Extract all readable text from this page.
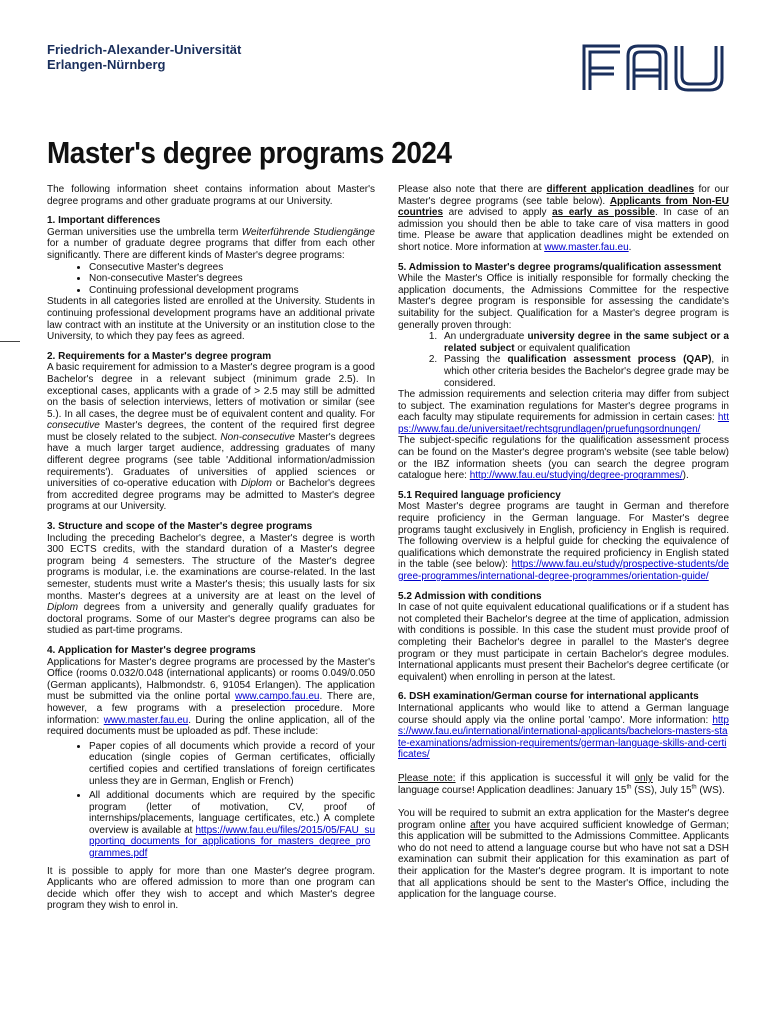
Friedrich-Alexander-Universität
Erlangen-Nürnberg
Master's degree programs 2024

The following information sheet contains information about Master's degree programs and other graduate programs at our University.

1. Important differences

German universities use the umbrella term Weiterführende Studiengänge for a number of graduate degree programs that differ from each other significantly. There are different kinds of Master's degree programs:

• Consecutive Master's degrees
• Non-consecutive Master's degrees
• Continuing professional development programs

Students in all categories listed are enrolled at the University. Students in continuing professional development programs have an additional private law contract with an institute at the University or an institution close to the University, to which they pay fees as agreed.

2. Requirements for a Master's degree program

A basic requirement for admission to a Master's degree program is a good Bachelor's degree in a relevant subject (minimum grade 2.5). In exceptional cases, applicants with a grade of > 2.5 may still be admitted on the basis of selection interviews, letters of motivation or similar (see 5.). In all cases, the degree must be of equivalent content and quality. For consecutive Master's degrees, the content of the required first degree must be closely related to the subject. Non-consecutive Master's degrees have a much larger target audience, addressing graduates of many different degree programs (see table 'Additional information/admission requirements'). Graduates of universities of applied sciences or universities of co-operative education with Diplom or Bachelor's degrees from accredited degree programs may be admitted to Master's degree programs at our University.

3. Structure and scope of the Master's degree programs

Including the preceding Bachelor's degree, a Master's degree is worth 300 ECTS credits, with the standard duration of a Master's degree program being 4 semesters. The structure of the Master's degree programs is modular, i.e. the examinations are course-related. In the last semester, students must write a Master's thesis; this usually lasts for six months. Master's degrees at a university are at least on the level of Diplom degrees from a university and generally qualify graduates for doctoral programs. Some of our Master's degree programs can also be studied as part-time programs.

4. Application for Master's degree programs

Applications for Master's degree programs are processed by the Master's Office (rooms 0.032/0.048 (international applicants) or rooms 0.049/0.050 (German applicants), Halbmondstr. 6, 91054 Erlangen). The application must be submitted via the online portal www.campo.fau.eu. There are, however, a few programs with a preselection procedure. More information: www.master.fau.eu. During the online application, all of the required documents must be uploaded as pdf. These include:

• Paper copies of all documents which provide a record of your education (single copies of German certificates, officially certified copies and certified translations of foreign certificates unless they are in German, English or French)
• All additional documents which are required by the specific program (letter of motivation, CV, proof of internships/placements, language certificates, etc.) A complete overview is available at https://www.fau.eu/files/2015/05/FAU_supporting_documents_for_applications_for_masters_degree_programmes.pdf

It is possible to apply for more than one Master's degree program. Applicants who are offered admission to more than one program can decide which offer they wish to accept and which Master's degree program they wish to enrol in.

Please also note that there are different application deadlines for our Master's degree programs (see table below). Applicants from Non-EU countries are advised to apply as early as possible. In case of an admission you should then be able to take care of visa matters in good time. Please be aware that application deadlines might be extended on short notice. More information at www.master.fau.eu.

5. Admission to Master's degree programs/qualification assessment

While the Master's Office is initially responsible for formally checking the application documents, the Admissions Committee for the respective Master's degree program is responsible for assessing the candidate's suitability for the subject. Qualification for a Master's degree program is generally proven through:

1. An undergraduate university degree in the same subject or a related subject or equivalent qualification
2. Passing the qualification assessment process (QAP), in which other criteria besides the Bachelor's degree grade may be considered.

The admission requirements and selection criteria may differ from subject to subject. The examination regulations for Master's degree programs in each faculty may stipulate requirements for admission in certain cases: https://www.fau.de/universitaet/rechtsgrundlagen/pruefungsordnungen/

The subject-specific regulations for the qualification assessment process can be found on the Master's degree program's website (see table below) or the IBZ information sheets (you can search the degree program catalogue here: http://www.fau.eu/studying/degree-programmes/).

5.1 Required language proficiency

Most Master's degree programs are taught in German and therefore require proficiency in the German language. For Master's degree programs taught exclusively in English, proficiency in English is required. The following overview is a helpful guide for checking the equivalence of qualifications which demonstrate the required proficiency in English stated in the table (see below): https://www.fau.eu/study/prospective-students/degree-programmes/international-degree-programmes/orientation-guide/

5.2 Admission with conditions

In case of not quite equivalent educational qualifications or if a student has not completed their Bachelor's degree at the time of application, admission with conditions is possible. In this case the student must provide proof of completing their Bachelor's degree in parallel to the Master's degree program or they must participate in certain Bachelor's degree modules. International applicants must present their Bachelor's degree certificate (or equivalent) when enrolling in person at the latest.

6. DSH examination/German course for international applicants

International applicants who would like to attend a German language course should apply via the online portal 'campo'. More information: https://www.fau.eu/international/international-applicants/bachelors-masters-state-examinations/admission-requirements/german-language-skills-and-certificates/

Please note: if this application is successful it will only be valid for the language course! Application deadlines: January 15th (SS), July 15th (WS).

You will be required to submit an extra application for the Master's degree program online after you have acquired sufficient knowledge of German; this application will be submitted to the Admissions Committee. Applicants who do not need to attend a language course but who have not sat a DSH examination can submit their application for this examination as part of their application for the Master's degree program. It is important to note that all applications should be sent to the Master's Office, including the application for the language course.
